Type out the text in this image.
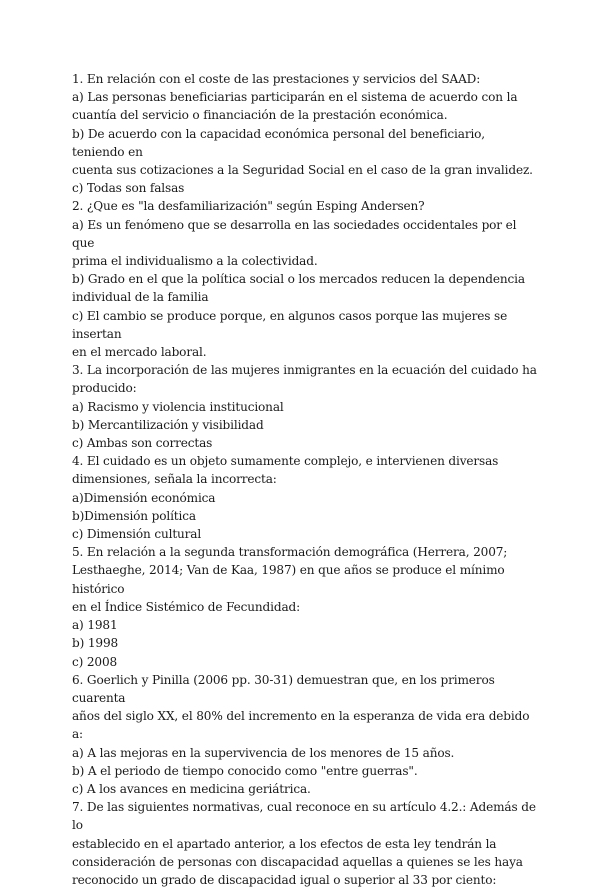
1. En relación con el coste de las prestaciones y servicios del SAAD:
a) Las personas beneficiarias participarán en el sistema de acuerdo con la
cuantía del servicio o financiación de la prestación económica.
b) De acuerdo con la capacidad económica personal del beneficiario, teniendo en
cuenta sus cotizaciones a la Seguridad Social en el caso de la gran invalidez.
c) Todas son falsas
2. ¿Que es "la desfamiliarización" según Esping Andersen?
a) Es un fenómeno que se desarrolla en las sociedades occidentales por el que
prima el individualismo a la colectividad.
b) Grado en el que la política social o los mercados reducen la dependencia
individual de la familia
c) El cambio se produce porque, en algunos casos porque las mujeres se insertan
en el mercado laboral.
3. La incorporación de las mujeres inmigrantes en la ecuación del cuidado ha
producido:
a) Racismo y violencia institucional
b) Mercantilización y visibilidad
c) Ambas son correctas
4. El cuidado es un objeto sumamente complejo, e intervienen diversas
dimensiones, señala la incorrecta:
a)Dimensión económica
b)Dimensión política
c) Dimensión cultural
5. En relación a la segunda transformación demográfica (Herrera, 2007;
Lesthaeghe, 2014; Van de Kaa, 1987) en que años se produce el mínimo histórico
en el Índice Sistémico de Fecundidad:
a) 1981
b) 1998
c) 2008
6. Goerlich y Pinilla (2006 pp. 30-31) demuestran que, en los primeros cuarenta
años del siglo XX, el 80% del incremento en la esperanza de vida era debido a:
a) A las mejoras en la supervivencia de los menores de 15 años.
b) A el periodo de tiempo conocido como "entre guerras".
c) A los avances en medicina geriátrica.
7. De las siguientes normativas, cual reconoce en su artículo 4.2.: Además de lo
establecido en el apartado anterior, a los efectos de esta ley tendrán la
consideración de personas con discapacidad aquellas a quienes se les haya
reconocido un grado de discapacidad igual o superior al 33 por ciento:
